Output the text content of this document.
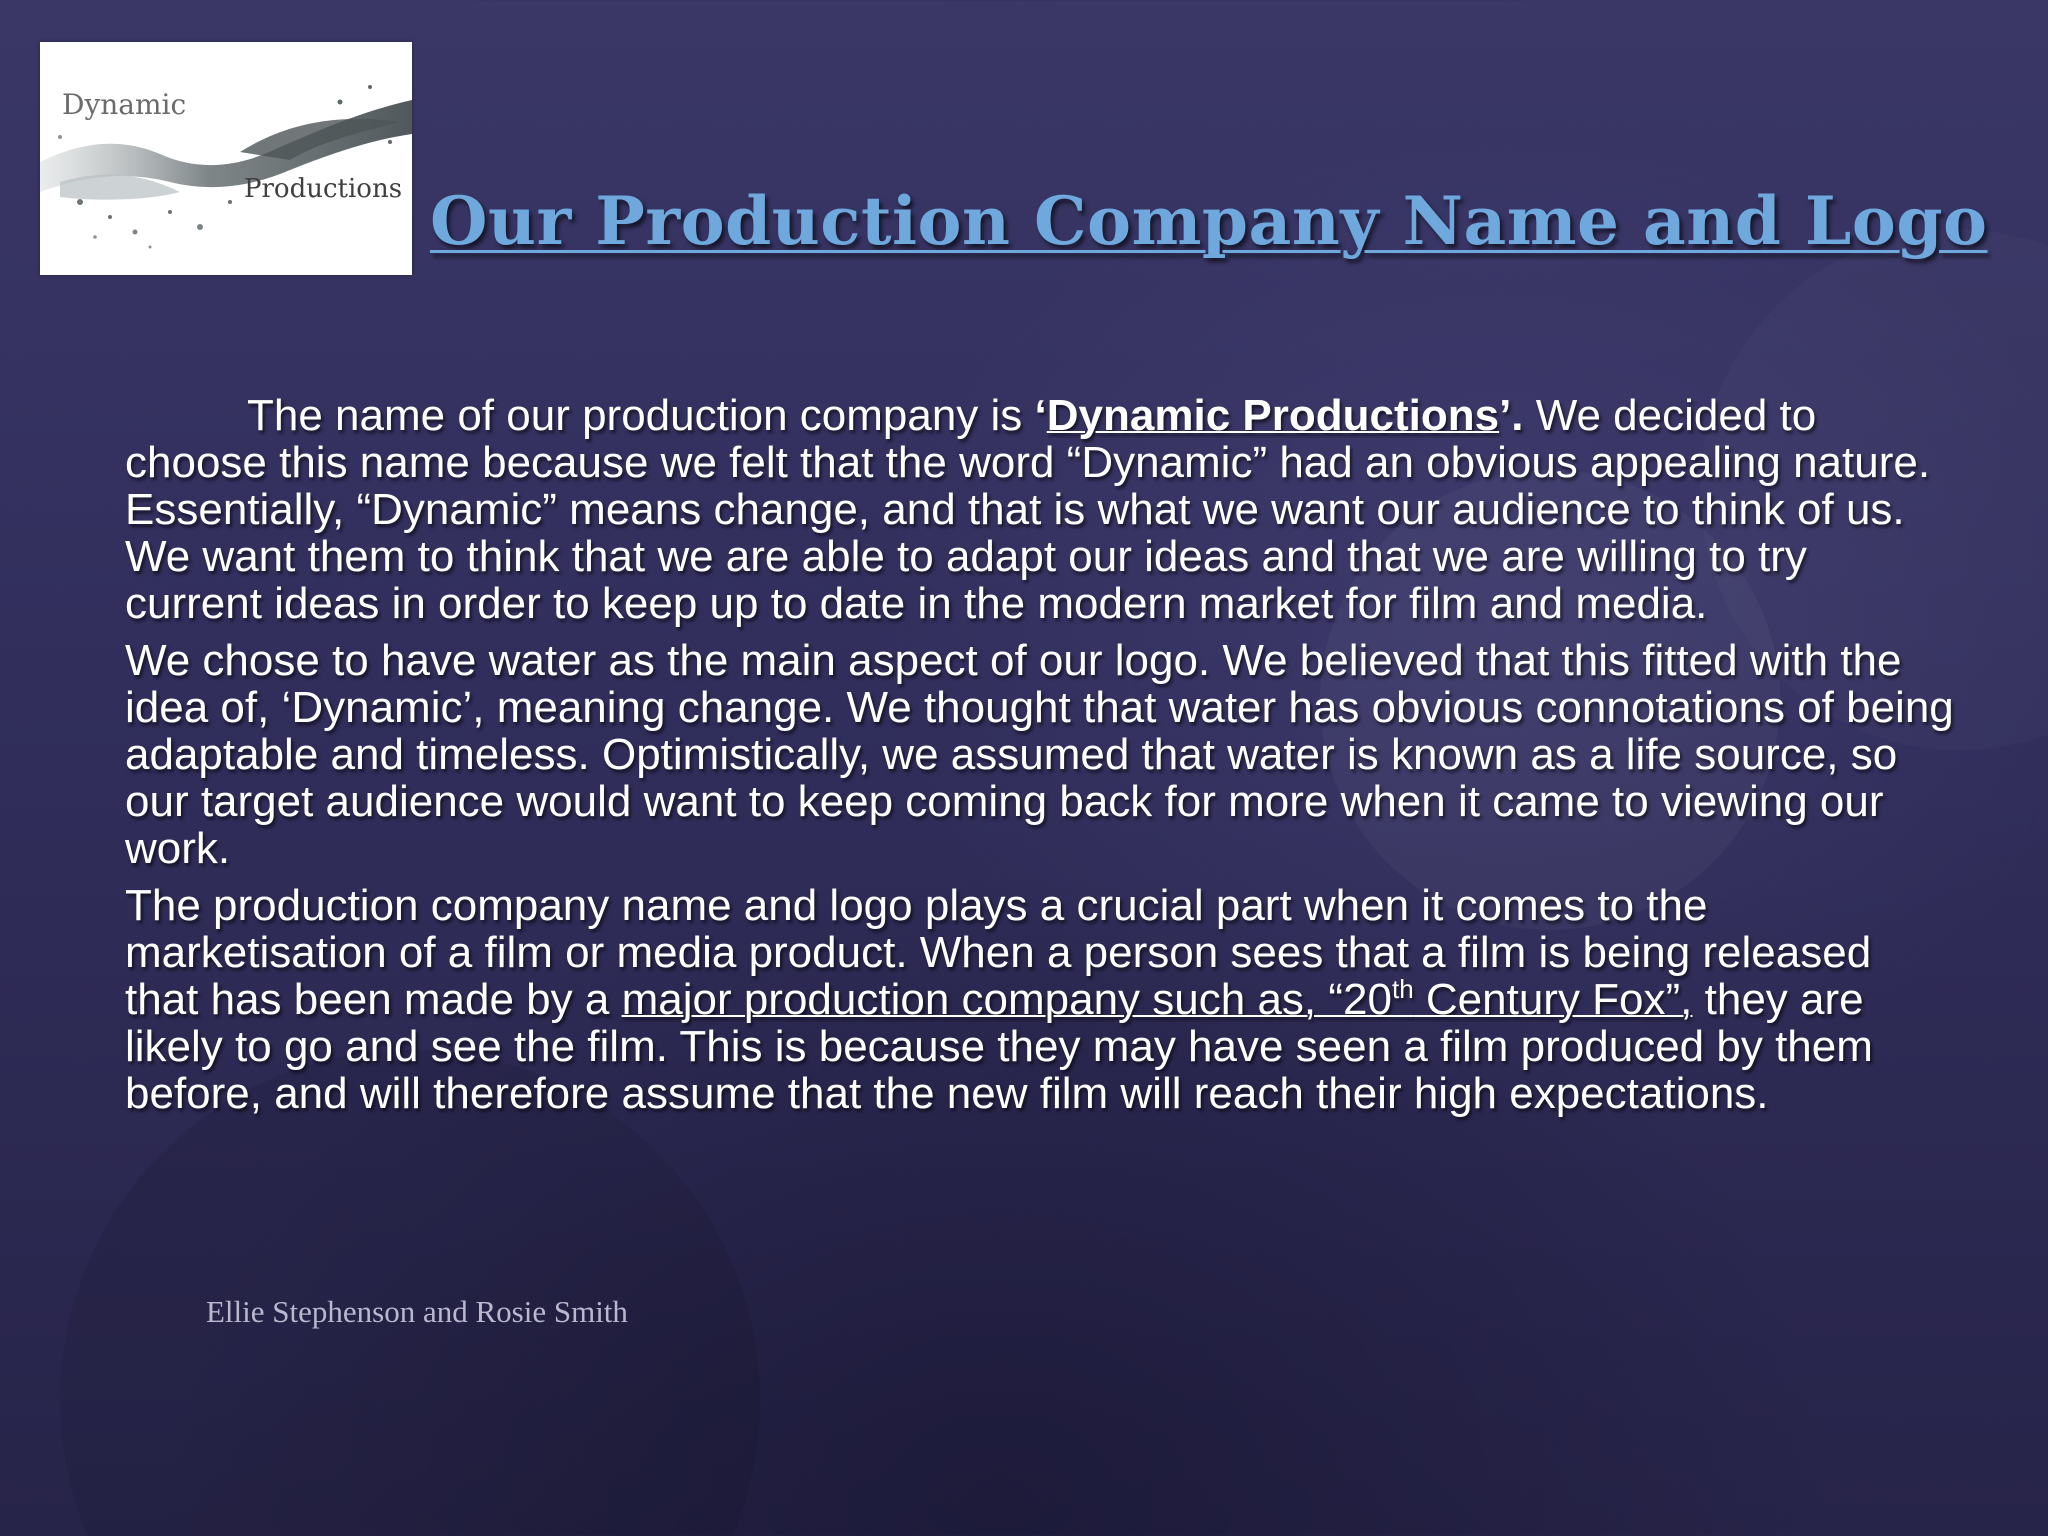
Dynamic
Productions Our Production Company Name and Logo

The name of our production company is ‘Dynamic Productions’. We decided to choose this name because we felt that the word “Dynamic” had an obvious appealing nature. Essentially, “Dynamic” means change, and that is what we want our audience to think of us. We want them to think that we are able to adapt our ideas and that we are willing to try current ideas in order to keep up to date in the modern market for film and media.

We chose to have water as the main aspect of our logo. We believed that this fitted with the idea of, ‘Dynamic’, meaning change. We thought that water has obvious connotations of being adaptable and timeless. Optimistically, we assumed that water is known as a life source, so our target audience would want to keep coming back for more when it came to viewing our work.

The production company name and logo plays a crucial part when it comes to the marketisation of a film or media product. When a person sees that a film is being released that has been made by a major production company such as, “20th Century Fox”, they are likely to go and see the film. This is because they may have seen a film produced by them before, and will therefore assume that the new film will reach their high expectations.

Ellie Stephenson and Rosie Smith
